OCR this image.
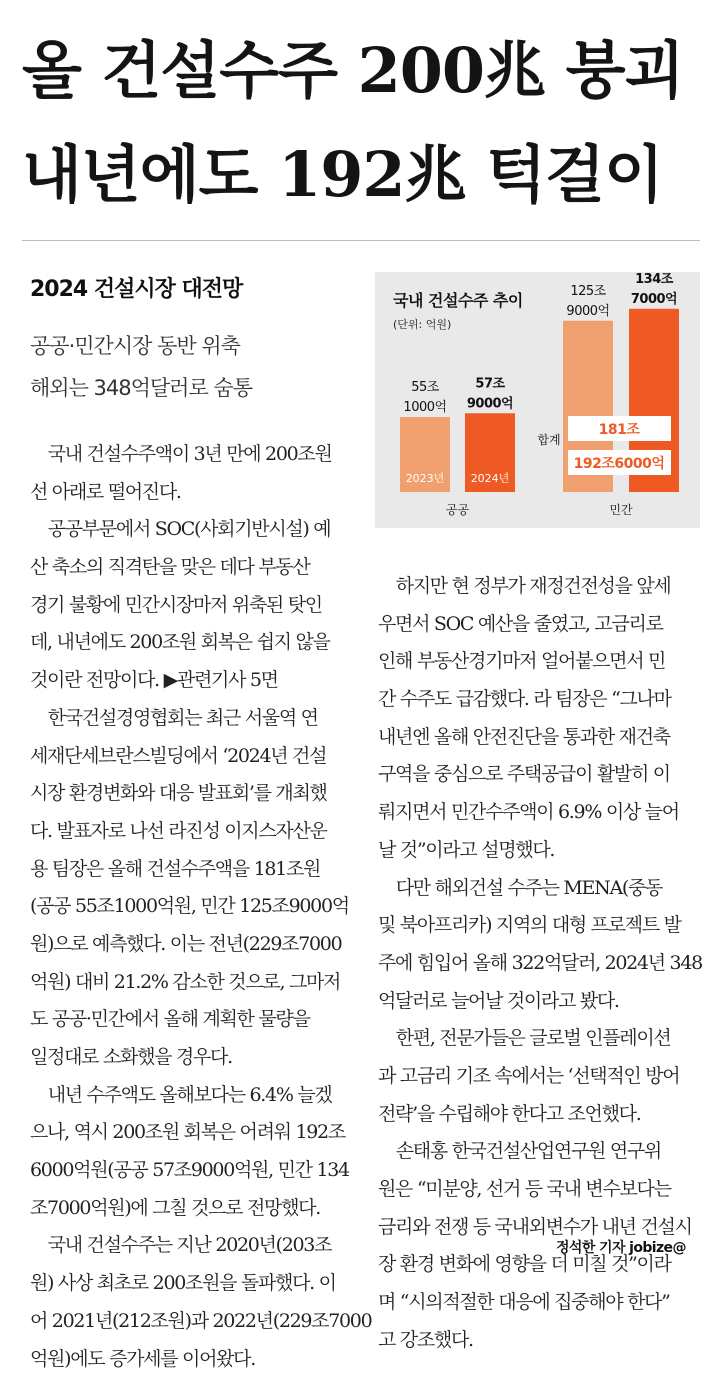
올 건설수주 200兆 붕괴
내년에도 192兆 턱걸이
2024 건설시장 대전망
공공·민간시장 동반 위축
해외는 348억달러로 숨통

 국내 건설수주액이 3년 만에 200조원

선 아래로 떨어진다.

 공공부문에서 SOC(사회기반시설) 예

산 축소의 직격탄을 맞은 데다 부동산

경기 불황에 민간시장마저 위축된 탓인

데, 내년에도 200조원 회복은 쉽지 않을

것이란 전망이다. ▶관련기사 5면

 한국건설경영협회는 최근 서울역 연

세재단세브란스빌딩에서 ‘2024년 건설

시장 환경변화와 대응 발표회’를 개최했

다. 발표자로 나선 라진성 이지스자산운

용 팀장은 올해 건설수주액을 181조원

(공공 55조1000억원, 민간 125조9000억

원)으로 예측했다. 이는 전년(229조7000

억원) 대비 21.2% 감소한 것으로, 그마저

도 공공·민간에서 올해 계획한 물량을

일정대로 소화했을 경우다.

 내년 수주액도 올해보다는 6.4% 늘겠

으나, 역시 200조원 회복은 어려워 192조

6000억원(공공 57조9000억원, 민간 134

조7000억원)에 그칠 것으로 전망했다.

 국내 건설수주는 지난 2020년(203조

원) 사상 최초로 200조원을 돌파했다. 이

어 2021년(212조원)과 2022년(229조7000

억원)에도 증가세를 이어왔다.

 하지만 현 정부가 재정건전성을 앞세

우면서 SOC 예산을 줄였고, 고금리로

인해 부동산경기마저 얼어붙으면서 민

간 수주도 급감했다. 라 팀장은 “그나마

내년엔 올해 안전진단을 통과한 재건축

구역을 중심으로 주택공급이 활발히 이

뤄지면서 민간수주액이 6.9% 이상 늘어

날 것”이라고 설명했다.

 다만 해외건설 수주는 MENA(중동

및 북아프리카) 지역의 대형 프로젝트 발

주에 힘입어 올해 322억달러, 2024년 348

억달러로 늘어날 것이라고 봤다.

 한편, 전문가들은 글로벌 인플레이션

과 고금리 기조 속에서는 ‘선택적인 방어

전략’을 수립해야 한다고 조언했다.

 손태홍 한국건설산업연구원 연구위

원은 “미분양, 선거 등 국내 변수보다는

금리와 전쟁 등 국내외변수가 내년 건설시

장 환경 변화에 영향을 더 미칠 것”이라

며 “시의적절한 대응에 집중해야 한다”

고 강조했다.

국내 건설수주 추이
(단위: 억원)
55조
1000억
2023년
125조
9000억
57조
9000억
2024년
134조
7000억
공공	민간
합계
181조
192조6000억
정석한 기자 jobize@
